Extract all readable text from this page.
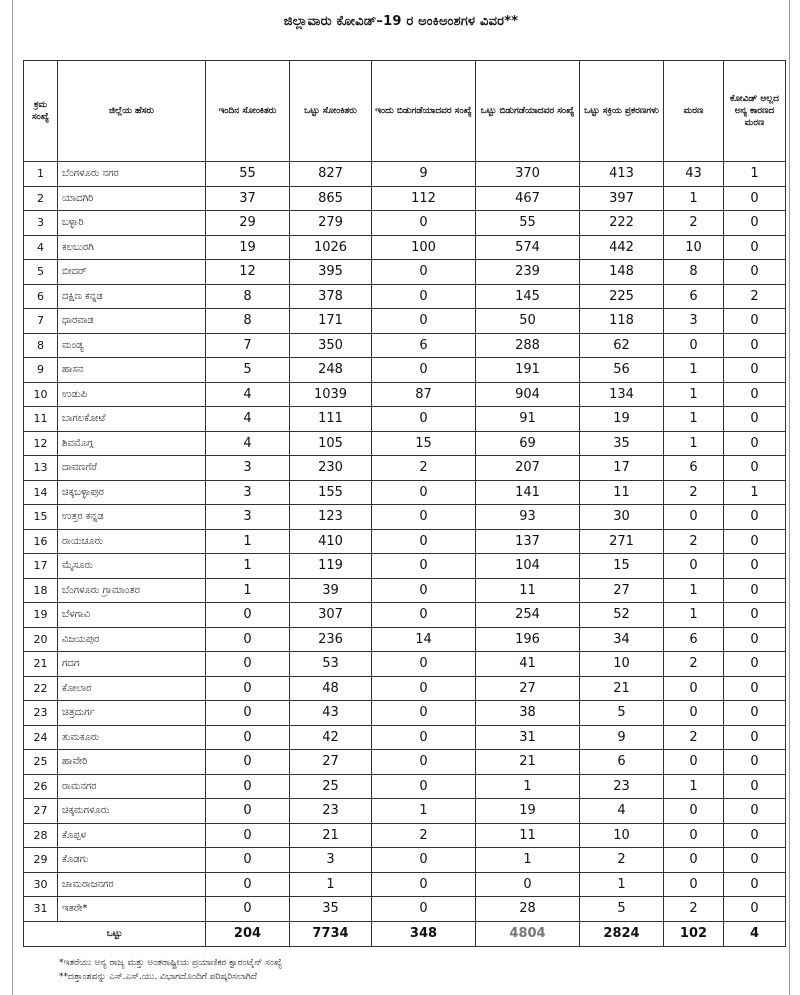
ಜಿಲ್ಲಾವಾರು ಕೋವಿಡ್–19 ರ ಅಂಕಿಅಂಶಗಳ ವಿವರ**
ಕ್ರಮ ಸಂಖ್ಯೆ	ಜಿಲ್ಲೆಯ ಹೆಸರು	ಇಂದಿನ ಸೋಂಕಿತರು	ಒಟ್ಟು ಸೋಂಕಿತರು	ಇಂದು ಬಿಡುಗಡೆಯಾದವರ ಸಂಖ್ಯೆ	ಒಟ್ಟು ಬಿಡುಗಡೆಯಾದವರ ಸಂಖ್ಯೆ	ಒಟ್ಟು ಸಕ್ರಿಯ ಪ್ರಕರಣಗಳು	ಮರಣ	ಕೋವಿಡ್ ಅಲ್ಲದ ಅನ್ಯ ಕಾರಣದ ಮರಣ
1	ಬೆಂಗಳೂರು ನಗರ	55	827	9	370	413	43	1
2	ಯಾದಗಿರಿ	37	865	112	467	397	1	0
3	ಬಳ್ಳಾರಿ	29	279	0	55	222	2	0
4	ಕಲಬುರಗಿ	19	1026	100	574	442	10	0
5	ಬೀದರ್	12	395	0	239	148	8	0
6	ದಕ್ಷಿಣ ಕನ್ನಡ	8	378	0	145	225	6	2
7	ಧಾರವಾಡ	8	171	0	50	118	3	0
8	ಮಂಡ್ಯ	7	350	6	288	62	0	0
9	ಹಾಸನ	5	248	0	191	56	1	0
10	ಉಡುಪಿ	4	1039	87	904	134	1	0
11	ಬಾಗಲಕೋಟೆ	4	111	0	91	19	1	0
12	ಶಿವಮೊಗ್ಗ	4	105	15	69	35	1	0
13	ದಾವಣಗೆರೆ	3	230	2	207	17	6	0
14	ಚಿಕ್ಕಬಳ್ಳಾಪುರ	3	155	0	141	11	2	1
15	ಉತ್ತರ ಕನ್ನಡ	3	123	0	93	30	0	0
16	ರಾಯಚೂರು	1	410	0	137	271	2	0
17	ಮೈಸೂರು	1	119	0	104	15	0	0
18	ಬೆಂಗಳೂರು ಗ್ರಾಮಾಂತರ	1	39	0	11	27	1	0
19	ಬೆಳಗಾವಿ	0	307	0	254	52	1	0
20	ವಿಜಯಪುರ	0	236	14	196	34	6	0
21	ಗದಗ	0	53	0	41	10	2	0
22	ಕೋಲಾರ	0	48	0	27	21	0	0
23	ಚಿತ್ರದುರ್ಗ	0	43	0	38	5	0	0
24	ತುಮಕೂರು	0	42	0	31	9	2	0
25	ಹಾವೇರಿ	0	27	0	21	6	0	0
26	ರಾಮನಗರ	0	25	0	1	23	1	0
27	ಚಿಕ್ಕಮಗಳೂರು	0	23	1	19	4	0	0
28	ಕೊಪ್ಪಳ	0	21	2	11	10	0	0
29	ಕೊಡಗು	0	3	0	1	2	0	0
30	ಚಾಮರಾಜನಗರ	0	1	0	0	1	0	0
31	ಇತರೇ*	0	35	0	28	5	2	0
ಒಟ್ಟು		204	7734	348	4804	2824	102	4
*ಇತರೆಯು ಅನ್ಯ ರಾಜ್ಯ ಮತ್ತು ಅಂತರಾಷ್ಟ್ರೀಯ ಪ್ರಯಾಣಿಕರ ಕ್ವಾರಂಟೈನ್ ಸಂಖ್ಯೆ
**ದತ್ತಾಂಶವನ್ನು ಎಸ್.ಎಸ್.ಯು. ವಿಭಾಗದೊಂದಿಗೆ ಪರಿಷ್ಕರಿಸಲಾಗಿದೆ
